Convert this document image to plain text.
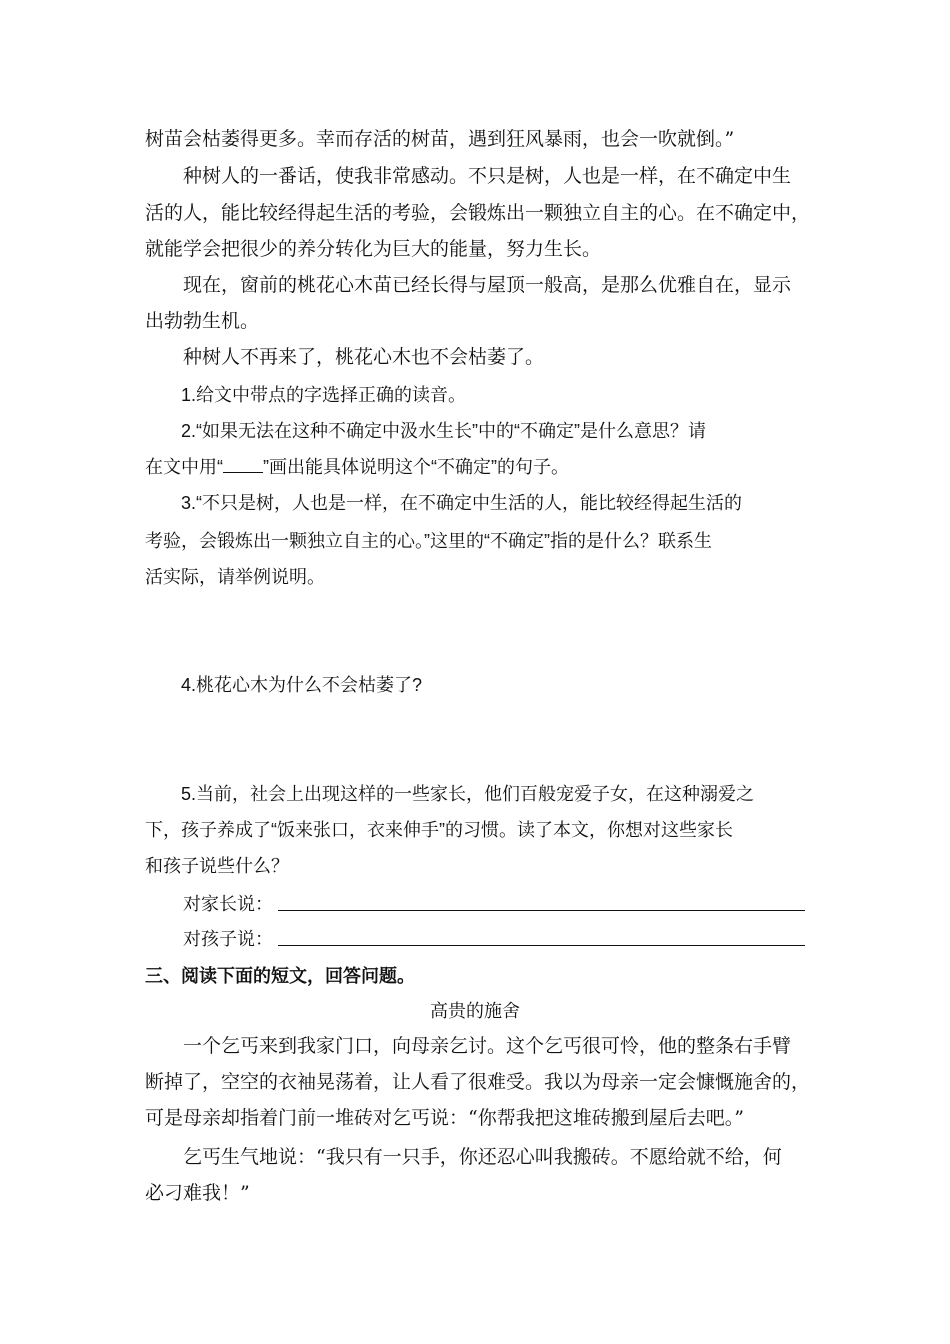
树苗会枯萎得更多。幸而存活的树苗，遇到狂风暴雨，也会一吹就倒。”
种树人的一番话，使我非常感动。不只是树，人也是一样，在不确定中生
活的人，能比较经得起生活的考验，会锻炼出一颗独立自主的心。在不确定中，
就能学会把很少的养分转化为巨大的能量，努力生长。
现在，窗前的桃花心木苗已经长得与屋顶一般高，是那么优雅自在，显示
出勃勃生机。
种树人不再来了，桃花心木也不会枯萎了。
1.给文中带点的字选择正确的读音。
2.“如果无法在这种不确定中汲水生长”中的“不确定”是什么意思？请
在文中用“ ”画出能具体说明这个“不确定”的句子。
3.“不只是树，人也是一样，在不确定中生活的人，能比较经得起生活的
考验，会锻炼出一颗独立自主的心。”这里的“不确定”指的是什么？联系生
活实际，请举例说明。
4.桃花心木为什么不会枯萎了?
5.当前，社会上出现这样的一些家长，他们百般宠爱子女，在这种溺爱之
下，孩子养成了“饭来张口，衣来伸手”的习惯。读了本文，你想对这些家长
和孩子说些什么？
对家长说：
对孩子说：
三、阅读下面的短文，回答问题。
高贵的施舍
一个乞丐来到我家门口，向母亲乞讨。这个乞丐很可怜，他的整条右手臂
断掉了，空空的衣袖晃荡着，让人看了很难受。我以为母亲一定会慷慨施舍的，
可是母亲却指着门前一堆砖对乞丐说：“你帮我把这堆砖搬到屋后去吧。”
乞丐生气地说：“我只有一只手，你还忍心叫我搬砖。不愿给就不给，何
必刁难我！”
